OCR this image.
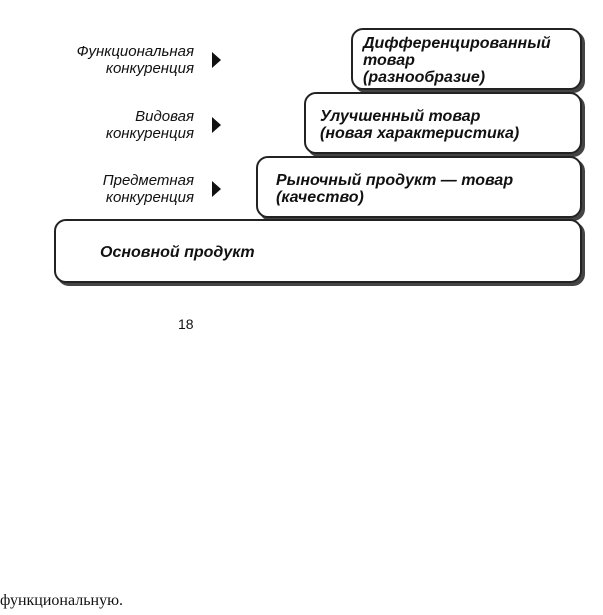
Функциональная
конкуренция
Дифференцированный
товар
(разнообразие)
Видовая
конкуренция
Улучшенный товар
(новая характеристика)
Предметная
конкуренция
Рыночный продукт — товар
(качество)
Основной продукт
18
функциональную.
